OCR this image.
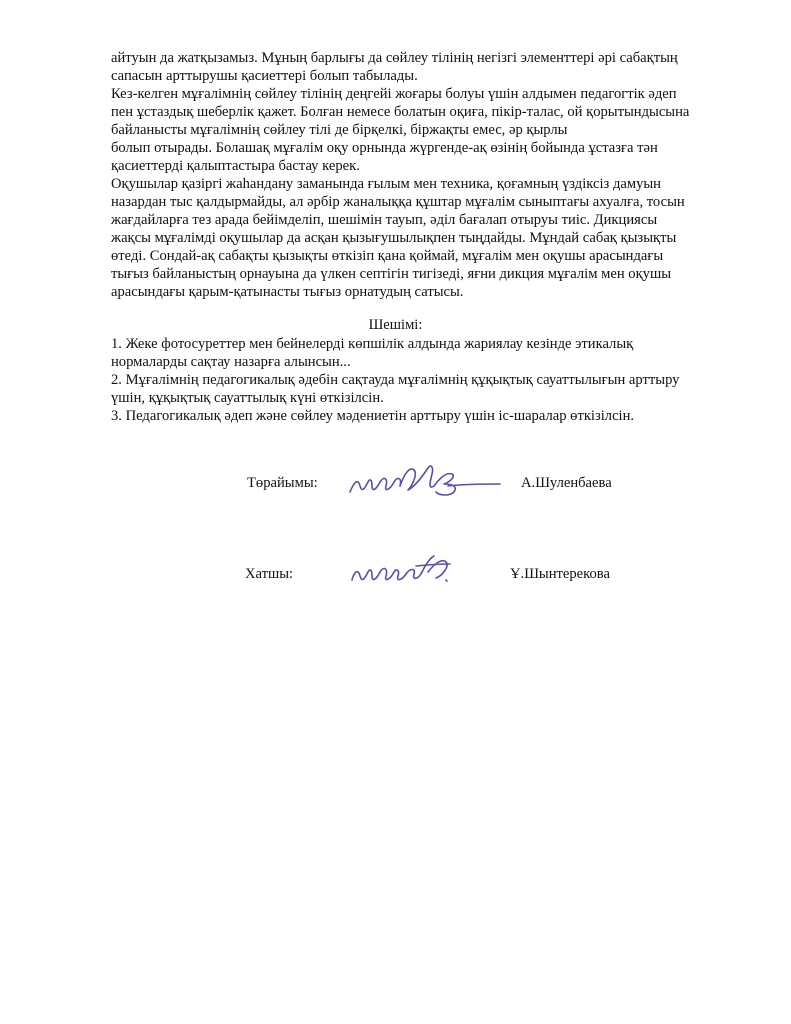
айтуын да жатқызамыз. Мұның барлығы да сөйлеу тілінің негізгі элементтері әрі сабақтың
сапасын арттырушы қасиеттері болып табылады.
Кез-келген мұғалімнің сөйлеу тілінің деңгейі жоғары болуы үшін алдымен педагогтік әдеп
пен ұстаздық шеберлік қажет. Болған немесе болатын оқиға, пікір-талас, ой қорытындысына
байланысты мұғалімнің сөйлеу тілі де бірқелкі, біржақты емес, әр қырлы
болып отырады. Болашақ мұғалім оқу орнында жүргенде-ақ өзінің бойында ұстазға тән
қасиеттерді қалыптастыра бастау керек.
Оқушылар қазіргі жаһандану заманында ғылым мен техника, қоғамның үздіксіз дамуын
назардан тыс қалдырмайды, ал әрбір жаналыққа құштар мұғалім сыныптағы ахуалға, тосын
жағдайларға тез арада бейімделіп, шешімін тауып, әділ бағалап отыруы тиіс. Дикциясы
жақсы мұғалімді оқушылар да асқан қызығушылықпен тыңдайды. Мұндай сабақ қызықты
өтеді. Сондай-ақ сабақты қызықты өткізіп қана қоймай, мұғалім мен оқушы арасындағы
тығыз байланыстың орнауына да үлкен септігін тигізеді, яғни дикция мұғалім мен оқушы
арасындағы қарым-қатынасты тығыз орнатудың сатысы.
Шешімі:
1. Жеке фотосуреттер мен бейнелерді көпшілік алдында жариялау кезінде этикалық
нормаларды сақтау назарға алынсын...
2. Мұғалімнің педагогикалық әдебін сақтауда мұғалімнің құқықтық сауаттылығын арттыру
үшін, құқықтық сауаттылық күні өткізілсін.
3. Педагогикалық әдеп және сөйлеу мәдениетін арттыру үшін іс-шаралар өткізілсін.
Төрайымы:	А.Шуленбаева
Хатшы:	Ұ.Шынтерекова
